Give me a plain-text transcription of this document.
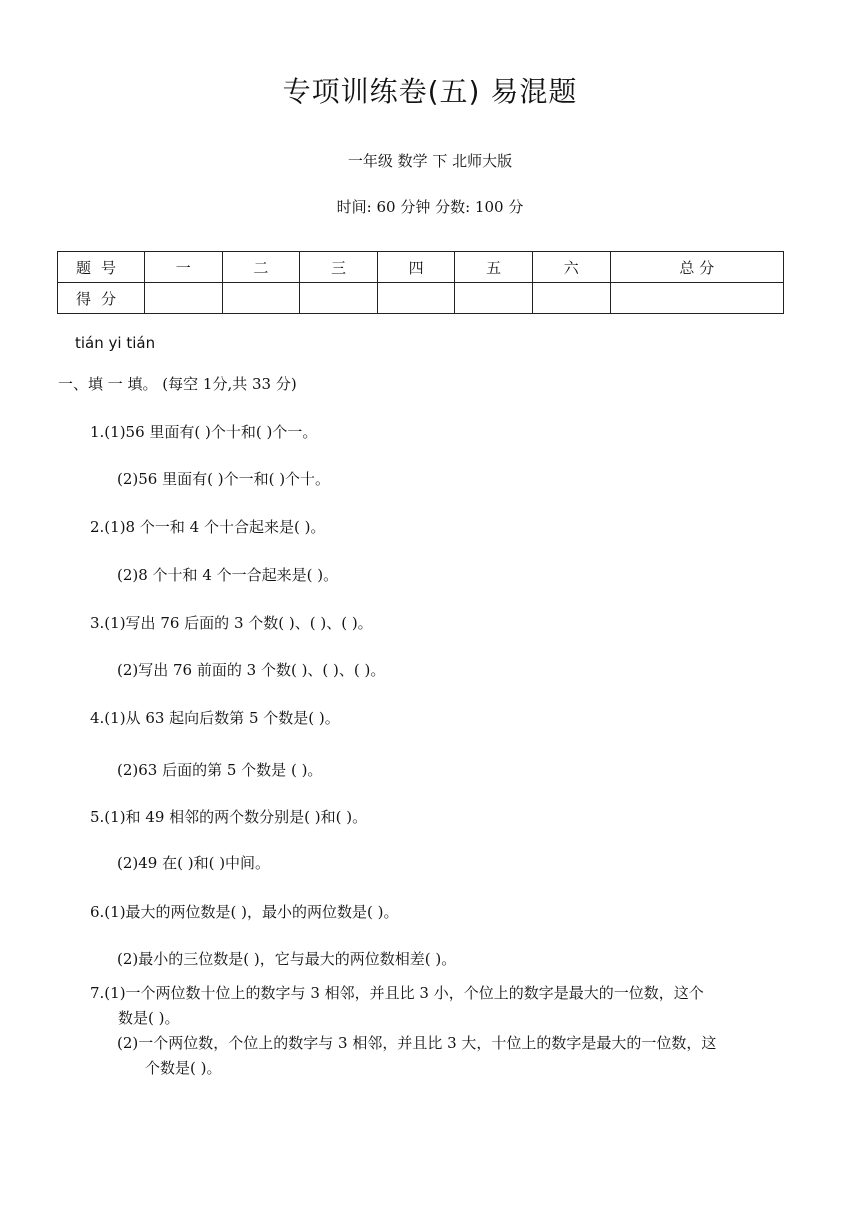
专项训练卷(五) 易混题
一年级 数学 下 北师大版
时间: 60 分钟 分数: 100 分
题号	一	二	三	四	五	六	总 分
得分							
tián yi tián
一、填 一 填。 (每空 1分,共 33 分)
1.(1)56 里面有( )个十和( )个一。
(2)56 里面有( )个一和( )个十。
2.(1)8 个一和 4 个十合起来是( )。
(2)8 个十和 4 个一合起来是( )。
3.(1)写出 76 后面的 3 个数( )、( )、( )。
(2)写出 76 前面的 3 个数( )、( )、( )。
4.(1)从 63 起向后数第 5 个数是( )。
(2)63 后面的第 5 个数是 ( )。
5.(1)和 49 相邻的两个数分别是( )和( )。
(2)49 在( )和( )中间。
6.(1)最大的两位数是( )，最小的两位数是( )。
(2)最小的三位数是( )，它与最大的两位数相差( )。
7.(1)一个两位数十位上的数字与 3 相邻，并且比 3 小，个位上的数字是最大的一位数，这个
数是( )。
(2)一个两位数，个位上的数字与 3 相邻，并且比 3 大，十位上的数字是最大的一位数，这
个数是( )。
